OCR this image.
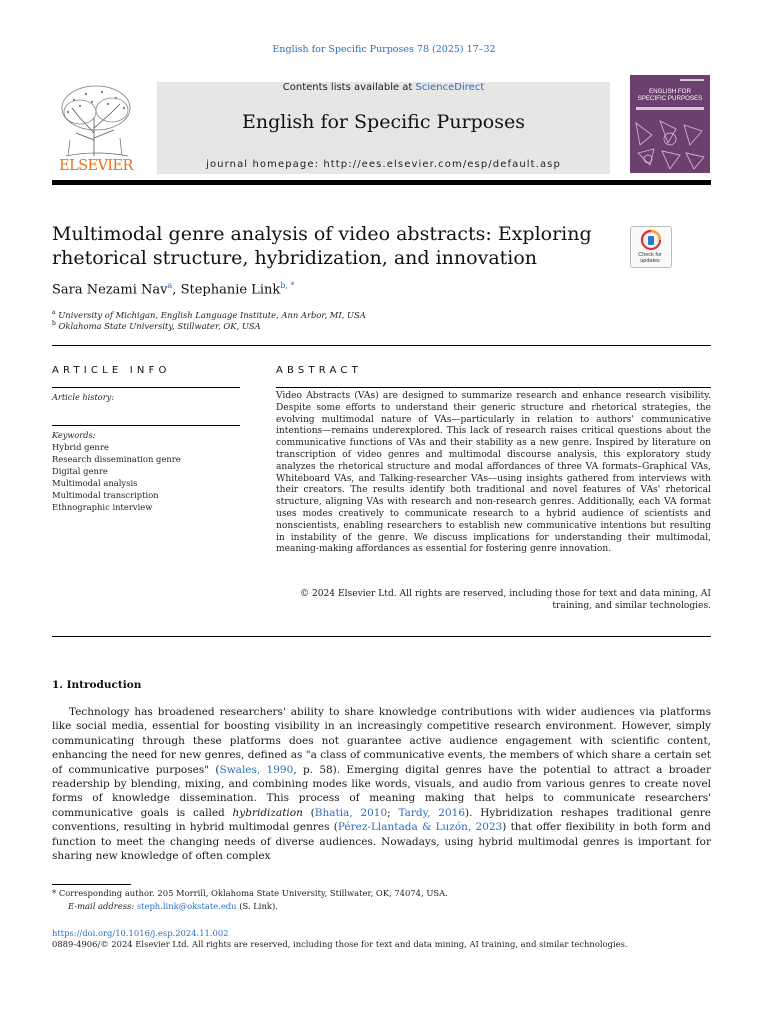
English for Specific Purposes 78 (2025) 17–32
ELSEVIER
Contents lists available at ScienceDirect
English for Specific Purposes
journal homepage: http://ees.elsevier.com/esp/default.asp
ENGLISH FOR
SPECIFIC PURPOSES
Multimodal genre analysis of video abstracts: Exploring
rhetorical structure, hybridization, and innovation	Check for
updates
Sara Nezami Nav$^a$, Stephanie Link$^{b, *}$
$^a$ University of Michigan, English Language Institute, Ann Arbor, MI, USA
$^b$ Oklahoma State University, Stillwater, OK, USA
ARTICLE INFO
Article history:
Keywords:
Hybrid genre
Research dissemination genre
Digital genre
Multimodal analysis
Multimodal transcription
Ethnographic interview
ABSTRACT
Video Abstracts (VAs) are designed to summarize research and enhance research visibility. Despite some efforts to understand their generic structure and rhetorical strategies, the evolving multimodal nature of VAs—particularly in relation to authors' communicative intentions—remains underexplored. This lack of research raises critical questions about the communicative functions of VAs and their stability as a new genre. Inspired by literature on transcription of video genres and multimodal discourse analysis, this exploratory study analyzes the rhetorical structure and modal affordances of three VA formats–Graphical VAs, Whiteboard VAs, and Talking-researcher VAs––using insights gathered from interviews with their creators. The results identify both traditional and novel features of VAs' rhetorical structure, aligning VAs with research and non-research genres. Additionally, each VA format uses modes creatively to communicate research to a hybrid audience of scientists and nonscientists, enabling researchers to establish new communicative intentions but resulting in instability of the genre. We discuss implications for understanding their multimodal, meaning-making affordances as essential for fostering genre innovation.
© 2024 Elsevier Ltd. All rights are reserved, including those for text and data mining, AI
training, and similar technologies.
1. Introduction
Technology has broadened researchers' ability to share knowledge contributions with wider audiences via platforms like social media, essential for boosting visibility in an increasingly competitive research environment. However, simply communicating through these platforms does not guarantee active audience engagement with scientific content, enhancing the need for new genres, defined as "a class of communicative events, the members of which share a certain set of communicative purposes" (Swales, 1990, p. 58). Emerging digital genres have the potential to attract a broader readership by blending, mixing, and combining modes like words, visuals, and audio from various genres to create novel forms of knowledge dissemination. This process of meaning making that helps to communicate researchers' communicative goals is called hybridization (Bhatia, 2010; Tardy, 2016). Hybridization reshapes traditional genre conventions, resulting in hybrid multimodal genres (Pérez-Llantada & Luzón, 2023) that offer flexibility in both form and function to meet the changing needs of diverse audiences. Nowadays, using hybrid multimodal genres is important for sharing new knowledge of often complex
* Corresponding author. 205 Morrill, Oklahoma State University, Stillwater, OK, 74074, USA.
E-mail address: steph.link@okstate.edu (S. Link).
https://doi.org/10.1016/j.esp.2024.11.002
0889-4906/© 2024 Elsevier Ltd. All rights are reserved, including those for text and data mining, AI training, and similar technologies.
